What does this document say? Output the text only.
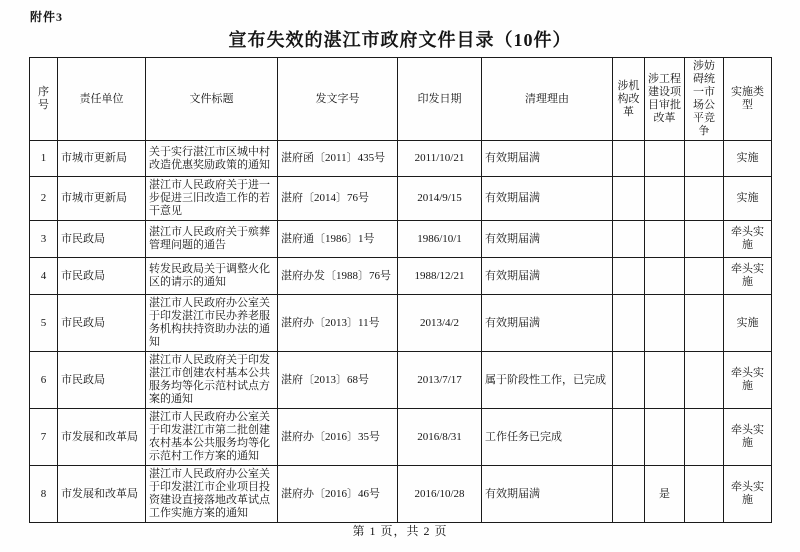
附件3
宣布失效的湛江市政府文件目录（10件）
序号	责任单位	文件标题	发文字号	印发日期	清理理由	涉机构改革	涉工程建设项目审批改革	涉妨碍统一市场公平竞争	实施类型
1	市城市更新局	关于实行湛江市区城中村改造优惠奖励政策的通知	湛府函〔2011〕435号	2011/10/21	有效期届满				实施
2	市城市更新局	湛江市人民政府关于进一步促进三旧改造工作的若干意见	湛府〔2014〕76号	2014/9/15	有效期届满				实施
3	市民政局	湛江市人民政府关于殡葬管理问题的通告	湛府通〔1986〕1号	1986/10/1	有效期届满				牵头实施
4	市民政局	转发民政局关于调整火化区的请示的通知	湛府办发〔1988〕76号	1988/12/21	有效期届满				牵头实施
5	市民政局	湛江市人民政府办公室关于印发湛江市民办养老服务机构扶持资助办法的通知	湛府办〔2013〕11号	2013/4/2	有效期届满				实施
6	市民政局	湛江市人民政府关于印发湛江市创建农村基本公共服务均等化示范村试点方案的通知	湛府〔2013〕68号	2013/7/17	属于阶段性工作，已完成				牵头实施
7	市发展和改革局	湛江市人民政府办公室关于印发湛江市第二批创建农村基本公共服务均等化示范村工作方案的通知	湛府办〔2016〕35号	2016/8/31	工作任务已完成				牵头实施
8	市发展和改革局	湛江市人民政府办公室关于印发湛江市企业项目投资建设直接落地改革试点工作实施方案的通知	湛府办〔2016〕46号	2016/10/28	有效期届满		是		牵头实施
第 1 页，共 2 页
